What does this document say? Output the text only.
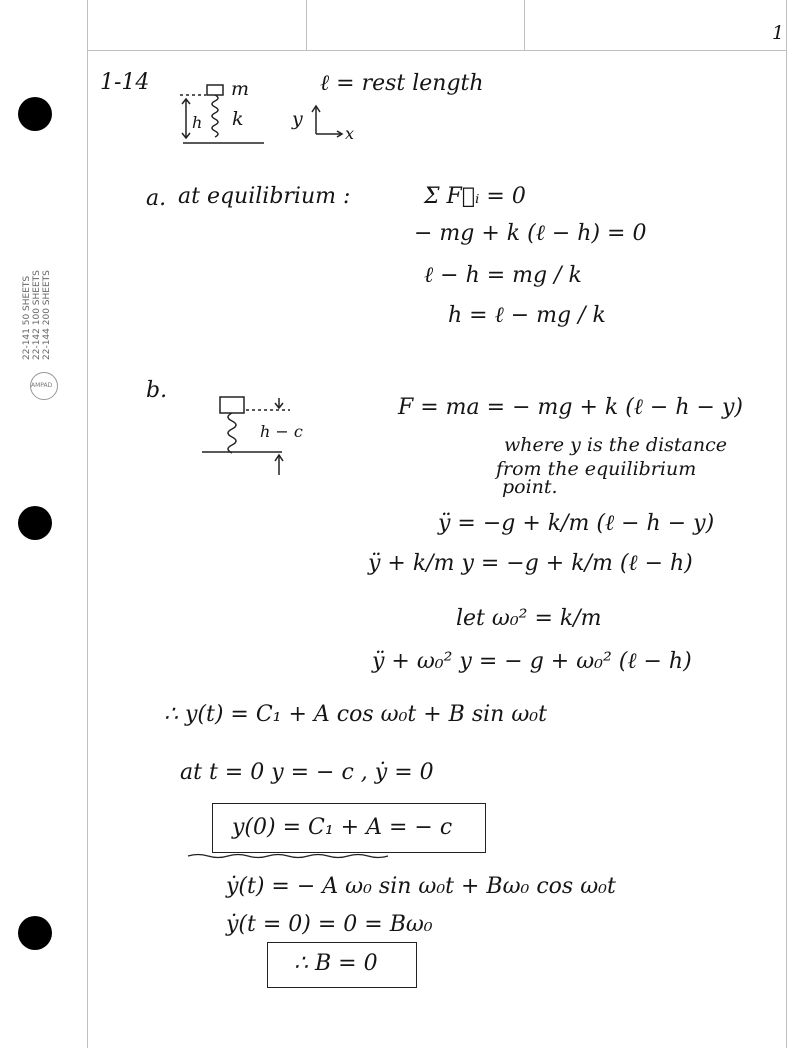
22-141 50 SHEETS 22-142 100 SHEETS 22-144 200 SHEETS
AMPAD
1
1-14	m
k
h
ℓ = rest length
y
x
a. at equilibrium :	Σ F⃗ᵢ = 0
− mg + k (ℓ − h) = 0
ℓ − h = mg / k
h = ℓ − mg / k
b.
h − c
F = ma = − mg + k (ℓ − h − y)
where y is the distance
from the equilibrium
point.
ÿ = −g + k/m (ℓ − h − y)
ÿ + k/m y = −g + k/m (ℓ − h)
let ω₀² = k/m
ÿ + ω₀² y = − g + ω₀² (ℓ − h)
∴ y(t) = C₁ + A cos ω₀t + B sin ω₀t
at t = 0 y = − c , ẏ = 0
y(0) = C₁ + A = − c
ẏ(t) = − A ω₀ sin ω₀t + Bω₀ cos ω₀t
ẏ(t = 0) = 0 = Bω₀
∴ B = 0
